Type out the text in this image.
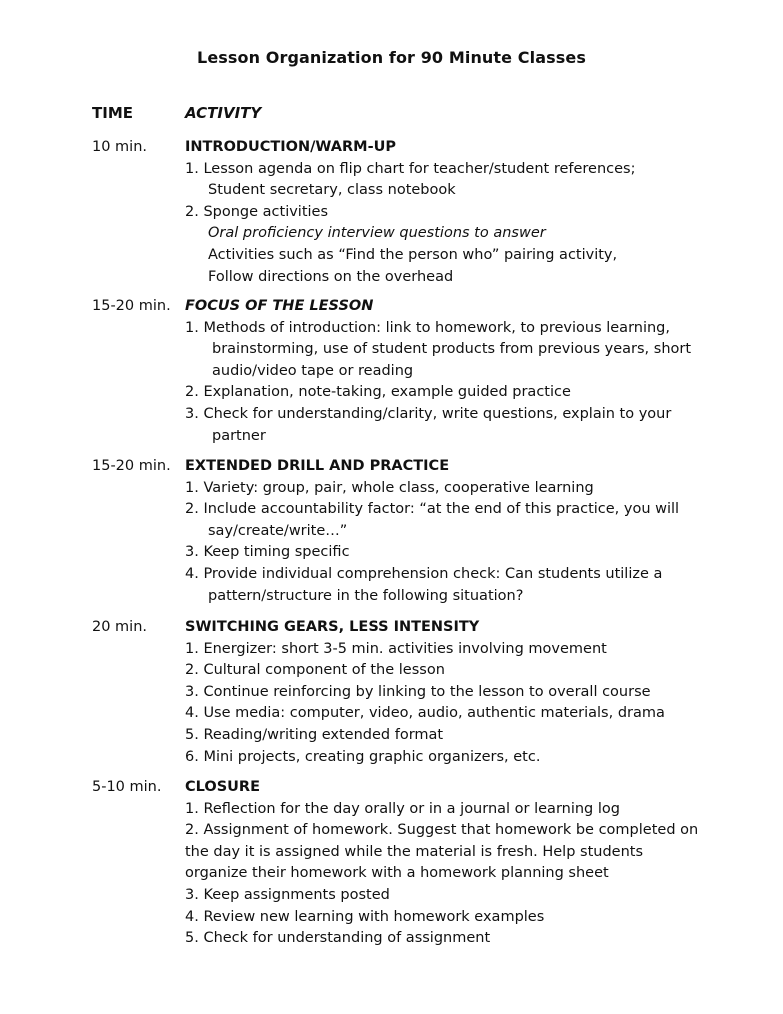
Lesson Organization for 90 Minute Classes
TIME	ACTIVITY
10 min.	INTRODUCTION/WARM-UP
1. Lesson agenda on flip chart for teacher/student references;
Student secretary, class notebook
2. Sponge activities
Oral proficiency interview questions to answer
Activities such as “Find the person who” pairing activity,
Follow directions on the overhead
15-20 min. FOCUS OF THE LESSON
1. Methods of introduction: link to homework, to previous learning,
brainstorming, use of student products from previous years, short
audio/video tape or reading
2. Explanation, note-taking, example guided practice
3. Check for understanding/clarity, write questions, explain to your
partner
15-20 min. EXTENDED DRILL AND PRACTICE
1. Variety: group, pair, whole class, cooperative learning
2. Include accountability factor: “at the end of this practice, you will
say/create/write…”
3. Keep timing specific
4. Provide individual comprehension check: Can students utilize a
pattern/structure in the following situation?
20 min.	SWITCHING GEARS, LESS INTENSITY
1. Energizer: short 3-5 min. activities involving movement
2. Cultural component of the lesson
3. Continue reinforcing by linking to the lesson to overall course
4. Use media: computer, video, audio, authentic materials, drama
5. Reading/writing extended format
6. Mini projects, creating graphic organizers, etc.
5-10 min. CLOSURE
1. Reflection for the day orally or in a journal or learning log
2. Assignment of homework. Suggest that homework be completed on
the day it is assigned while the material is fresh. Help students
organize their homework with a homework planning sheet
3. Keep assignments posted
4. Review new learning with homework examples
5. Check for understanding of assignment
